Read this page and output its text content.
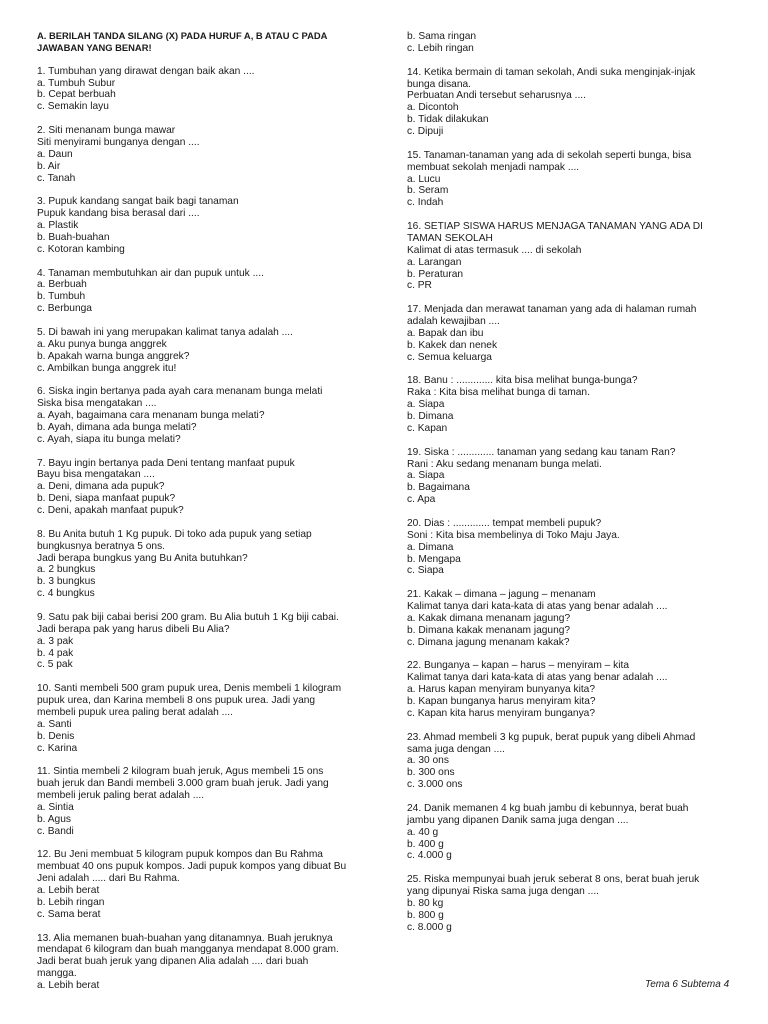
A. BERILAH TANDA SILANG (X) PADA HURUF A, B ATAU C PADA
JAWABAN YANG BENAR!
1. Tumbuhan yang dirawat dengan baik akan ....
a. Tumbuh Subur
b. Cepat berbuah
c. Semakin layu
2. Siti menanam bunga mawar
Siti menyirami bunganya dengan ....
a. Daun
b. Air
c. Tanah
3. Pupuk kandang sangat baik bagi tanaman
Pupuk kandang bisa berasal dari ....
a. Plastik
b. Buah-buahan
c. Kotoran kambing
4. Tanaman membutuhkan air dan pupuk untuk ....
a. Berbuah
b. Tumbuh
c. Berbunga
5. Di bawah ini yang merupakan kalimat tanya adalah ....
a. Aku punya bunga anggrek
b. Apakah warna bunga anggrek?
c. Ambilkan bunga anggrek itu!
6. Siska ingin bertanya pada ayah cara menanam bunga melati
Siska bisa mengatakan ....
a. Ayah, bagaimana cara menanam bunga melati?
b. Ayah, dimana ada bunga melati?
c. Ayah, siapa itu bunga melati?
7. Bayu ingin bertanya pada Deni tentang manfaat pupuk
Bayu bisa mengatakan ....
a. Deni, dimana ada pupuk?
b. Deni, siapa manfaat pupuk?
c. Deni, apakah manfaat pupuk?
8. Bu Anita butuh 1 Kg pupuk. Di toko ada pupuk yang setiap
bungkusnya beratnya 5 ons.
Jadi berapa bungkus yang Bu Anita butuhkan?
a. 2 bungkus
b. 3 bungkus
c. 4 bungkus
9. Satu pak biji cabai berisi 200 gram. Bu Alia butuh 1 Kg biji cabai.
Jadi berapa pak yang harus dibeli Bu Alia?
a. 3 pak
b. 4 pak
c. 5 pak
10. Santi membeli 500 gram pupuk urea, Denis membeli 1 kilogram
pupuk urea, dan Karina membeli 8 ons pupuk urea. Jadi yang
membeli pupuk urea paling berat adalah ....
a. Santi
b. Denis
c. Karina
11. Sintia membeli 2 kilogram buah jeruk, Agus membeli 15 ons
buah jeruk dan Bandi membeli 3.000 gram buah jeruk. Jadi yang
membeli jeruk paling berat adalah ....
a. Sintia
b. Agus
c. Bandi
12. Bu Jeni membuat 5 kilogram pupuk kompos dan Bu Rahma
membuat 40 ons pupuk kompos. Jadi pupuk kompos yang dibuat Bu
Jeni adalah ..... dari Bu Rahma.
a. Lebih berat
b. Lebih ringan
c. Sama berat
13. Alia memanen buah-buahan yang ditanamnya. Buah jeruknya
mendapat 6 kilogram dan buah mangganya mendapat 8.000 gram.
Jadi berat buah jeruk yang dipanen Alia adalah .... dari buah
mangga.
a. Lebih berat
b. Sama ringan
c. Lebih ringan
14. Ketika bermain di taman sekolah, Andi suka menginjak-injak
bunga disana.
Perbuatan Andi tersebut seharusnya ....
a. Dicontoh
b. Tidak dilakukan
c. Dipuji
15. Tanaman-tanaman yang ada di sekolah seperti bunga, bisa
membuat sekolah menjadi nampak ....
a. Lucu
b. Seram
c. Indah
16. SETIAP SISWA HARUS MENJAGA TANAMAN YANG ADA DI
TAMAN SEKOLAH
Kalimat di atas termasuk .... di sekolah
a. Larangan
b. Peraturan
c. PR
17. Menjada dan merawat tanaman yang ada di halaman rumah
adalah kewajiban ....
a. Bapak dan ibu
b. Kakek dan nenek
c. Semua keluarga
18. Banu : ............. kita bisa melihat bunga-bunga?
Raka : Kita bisa melihat bunga di taman.
a. Siapa
b. Dimana
c. Kapan
19. Siska : ............. tanaman yang sedang kau tanam Ran?
Rani : Aku sedang menanam bunga melati.
a. Siapa
b. Bagaimana
c. Apa
20. Dias : ............. tempat membeli pupuk?
Soni : Kita bisa membelinya di Toko Maju Jaya.
a. Dimana
b. Mengapa
c. Siapa
21. Kakak – dimana – jagung – menanam
Kalimat tanya dari kata-kata di atas yang benar adalah ....
a. Kakak dimana menanam jagung?
b. Dimana kakak menanam jagung?
c. Dimana jagung menanam kakak?
22. Bunganya – kapan – harus – menyiram – kita
Kalimat tanya dari kata-kata di atas yang benar adalah ....
a. Harus kapan menyiram bunyanya kita?
b. Kapan bunganya harus menyiram kita?
c. Kapan kita harus menyiram bunganya?
23. Ahmad membeli 3 kg pupuk, berat pupuk yang dibeli Ahmad
sama juga dengan ....
a. 30 ons
b. 300 ons
c. 3.000 ons
24. Danik memanen 4 kg buah jambu di kebunnya, berat buah
jambu yang dipanen Danik sama juga dengan ....
a. 40 g
b. 400 g
c. 4.000 g
25. Riska mempunyai buah jeruk seberat 8 ons, berat buah jeruk
yang dipunyai Riska sama juga dengan ....
b. 80 kg
b. 800 g
c. 8.000 g
Tema 6 Subtema 4
